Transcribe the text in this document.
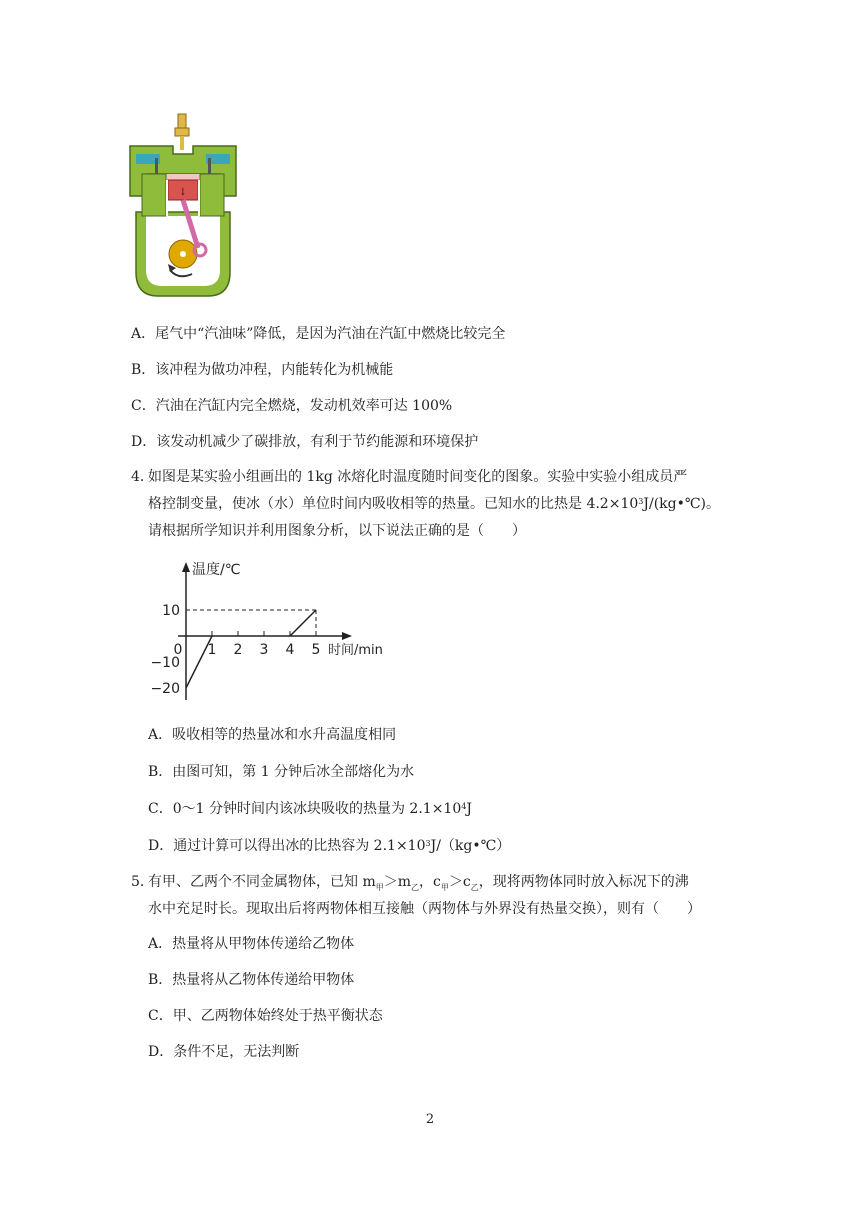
↓
A．尾气中“汽油味”降低，是因为汽油在汽缸中燃烧比较完全
B．该冲程为做功冲程，内能转化为机械能
C．汽油在汽缸内完全燃烧，发动机效率可达 100%
D．该发动机减少了碳排放，有利于节约能源和环境保护
4．
如图是某实验小组画出的 1kg 冰熔化时温度随时间变化的图象。实验中实验小组成员严
格控制变量，使冰（水）单位时间内吸收相等的热量。已知水的比热是 $4.2\times 10^3J/(kg•℃)$。
请根据所学知识并利用图象分析，以下说法正确的是（　　）
温度/℃
时间/min
0 1 2 3 4 5
10
−10
−20
A．吸收相等的热量冰和水升高温度相同
B．由图可知，第 1 分钟后冰全部熔化为水
C．0～1 分钟时间内该冰块吸收的热量为 $2.1\times 10^4J$
D．通过计算可以得出冰的比热容为 $2.1\times 10^3J/(kg•℃)$
5．
有甲、乙两个不同金属物体，已知 $m_甲>m_乙$，$c_甲>c_乙$，现将两物体同时放入标况下的沸
水中充足时长。现取出后将两物体相互接触（两物体与外界没有热量交换），则有（　　）
A．热量将从甲物体传递给乙物体
B．热量将从乙物体传递给甲物体
C．甲、乙两物体始终处于热平衡状态
D．条件不足，无法判断
2
